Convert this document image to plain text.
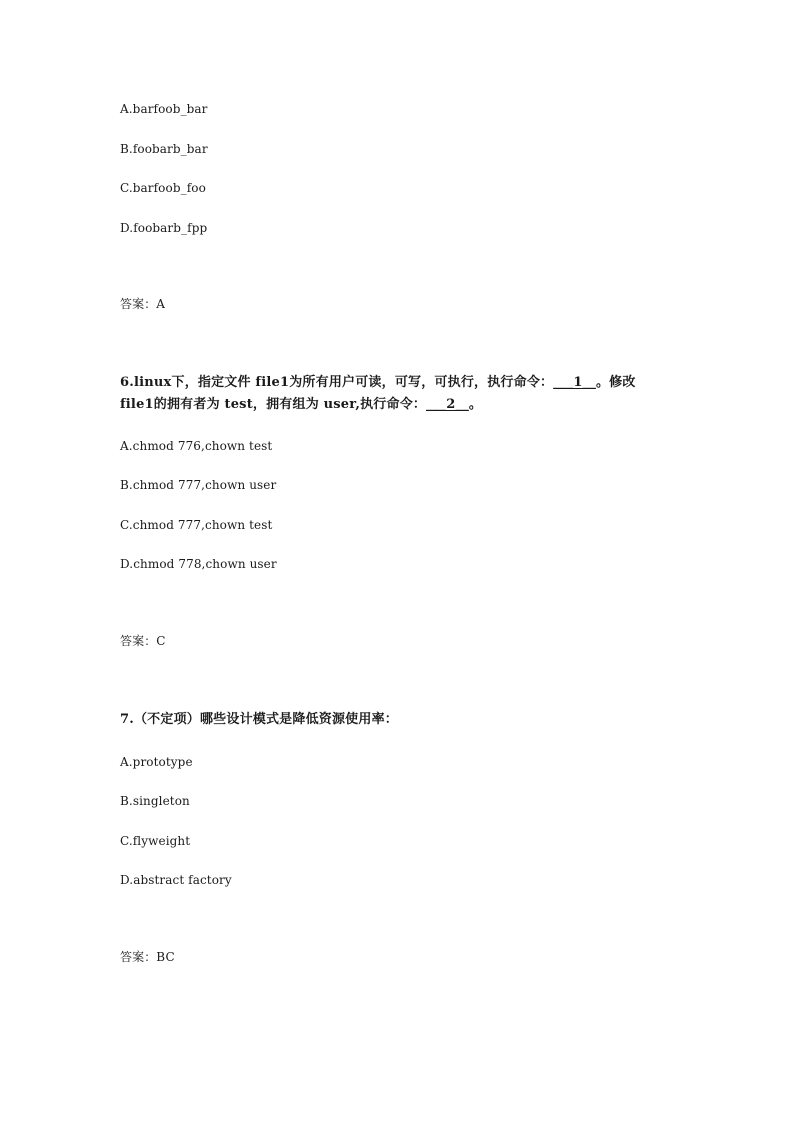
A.barfoob_bar
B.foobarb_bar
C.barfoob_foo
D.foobarb_fpp
答案：A
6.linux下，指定文件 file1为所有用户可读，可写，可执行，执行命令：___1__。修改
file1的拥有者为 test，拥有组为 user,执行命令：___2__。
A.chmod 776,chown test
B.chmod 777,chown user
C.chmod 777,chown test
D.chmod 778,chown user
答案：C
7.（不定项）哪些设计模式是降低资源使用率：
A.prototype
B.singleton
C.flyweight
D.abstract factory
答案：BC
